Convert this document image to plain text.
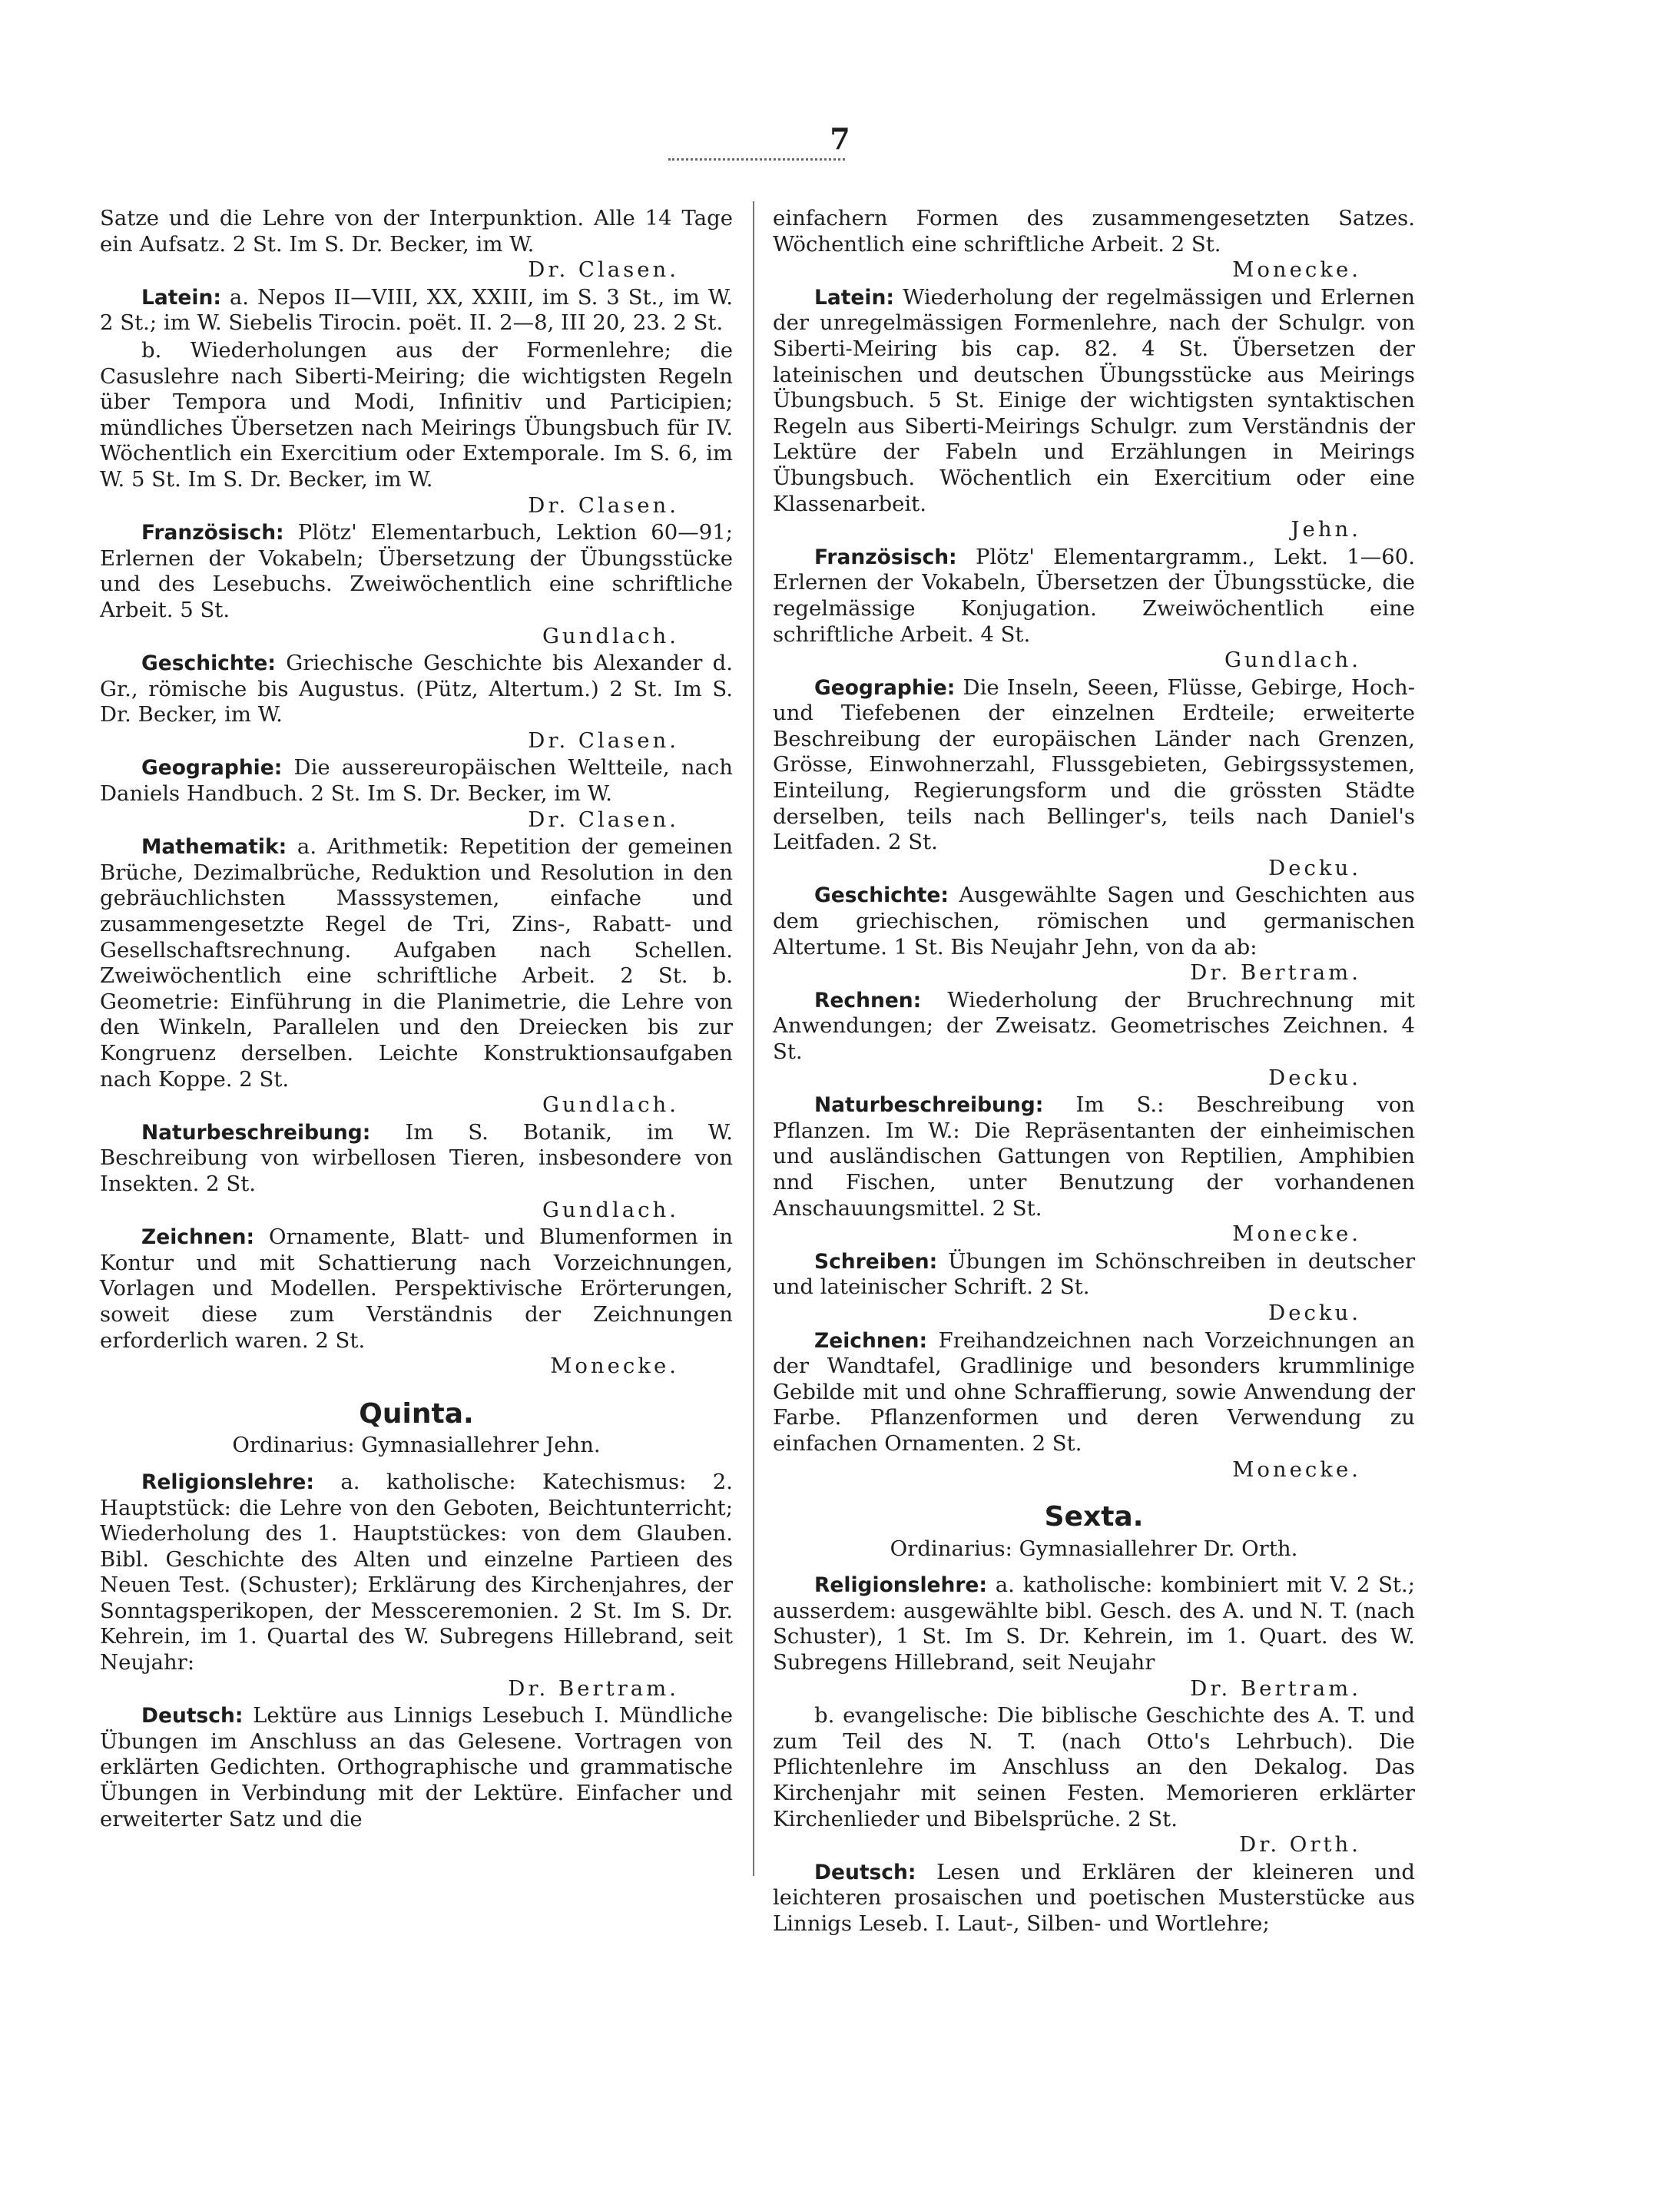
7

Satze und die Lehre von der Interpunktion. Alle 14 Tage ein Aufsatz. 2 St. Im S. Dr. Becker, im W.
Dr. Clasen.

Latein: a. Nepos II—VIII, XX, XXIII, im S. 3 St., im W. 2 St.; im W. Siebelis Tirocin. poët. II. 2—8, III 20, 23. 2 St.

b. Wiederholungen aus der Formenlehre; die Casuslehre nach Siberti-Meiring; die wichtigsten Regeln über Tempora und Modi, Infinitiv und Participien; mündliches Übersetzen nach Meirings Übungsbuch für IV. Wöchentlich ein Exercitium oder Extemporale. Im S. 6, im W. 5 St. Im S. Dr. Becker, im W.
Dr. Clasen.

Französisch: Plötz' Elementarbuch, Lektion 60—91; Erlernen der Vokabeln; Übersetzung der Übungsstücke und des Lesebuchs. Zweiwöchentlich eine schriftliche Arbeit. 5 St.
Gundlach.

Geschichte: Griechische Geschichte bis Alexander d. Gr., römische bis Augustus. (Pütz, Altertum.) 2 St. Im S. Dr. Becker, im W.
Dr. Clasen.

Geographie: Die aussereuropäischen Weltteile, nach Daniels Handbuch. 2 St. Im S. Dr. Becker, im W.
Dr. Clasen.

Mathematik: a. Arithmetik: Repetition der gemeinen Brüche, Dezimalbrüche, Reduktion und Resolution in den gebräuchlichsten Masssystemen, einfache und zusammengesetzte Regel de Tri, Zins-, Rabatt- und Gesellschaftsrechnung. Aufgaben nach Schellen. Zweiwöchentlich eine schriftliche Arbeit. 2 St. b. Geometrie: Einführung in die Planimetrie, die Lehre von den Winkeln, Parallelen und den Dreiecken bis zur Kongruenz derselben. Leichte Konstruktionsaufgaben nach Koppe. 2 St.
Gundlach.

Naturbeschreibung: Im S. Botanik, im W. Beschreibung von wirbellosen Tieren, insbesondere von Insekten. 2 St.
Gundlach.

Zeichnen: Ornamente, Blatt- und Blumenformen in Kontur und mit Schattierung nach Vorzeichnungen, Vorlagen und Modellen. Perspektivische Erörterungen, soweit diese zum Verständnis der Zeichnungen erforderlich waren. 2 St.
Monecke.

Quinta.
Ordinarius: Gymnasiallehrer Jehn.

Religionslehre: a. katholische: Katechismus: 2. Hauptstück: die Lehre von den Geboten, Beichtunterricht; Wiederholung des 1. Hauptstückes: von dem Glauben. Bibl. Geschichte des Alten und einzelne Partieen des Neuen Test. (Schuster); Erklärung des Kirchenjahres, der Sonntagsperikopen, der Messceremonien. 2 St. Im S. Dr. Kehrein, im 1. Quartal des W. Subregens Hillebrand, seit Neujahr:
Dr. Bertram.

Deutsch: Lektüre aus Linnigs Lesebuch I. Mündliche Übungen im Anschluss an das Gelesene. Vortragen von erklärten Gedichten. Orthographische und grammatische Übungen in Verbindung mit der Lektüre. Einfacher und erweiterter Satz und die

einfachern Formen des zusammengesetzten Satzes. Wöchentlich eine schriftliche Arbeit. 2 St.
Monecke.

Latein: Wiederholung der regelmässigen und Erlernen der unregelmässigen Formenlehre, nach der Schulgr. von Siberti-Meiring bis cap. 82. 4 St. Übersetzen der lateinischen und deutschen Übungsstücke aus Meirings Übungsbuch. 5 St. Einige der wichtigsten syntaktischen Regeln aus Siberti-Meirings Schulgr. zum Verständnis der Lektüre der Fabeln und Erzählungen in Meirings Übungsbuch. Wöchentlich ein Exercitium oder eine Klassenarbeit.
Jehn.

Französisch: Plötz' Elementargramm., Lekt. 1—60. Erlernen der Vokabeln, Übersetzen der Übungsstücke, die regelmässige Konjugation. Zweiwöchentlich eine schriftliche Arbeit. 4 St.
Gundlach.

Geographie: Die Inseln, Seeen, Flüsse, Gebirge, Hoch- und Tiefebenen der einzelnen Erdteile; erweiterte Beschreibung der europäischen Länder nach Grenzen, Grösse, Einwohnerzahl, Flussgebieten, Gebirgssystemen, Einteilung, Regierungsform und die grössten Städte derselben, teils nach Bellinger's, teils nach Daniel's Leitfaden. 2 St.
Decku.

Geschichte: Ausgewählte Sagen und Geschichten aus dem griechischen, römischen und germanischen Altertume. 1 St. Bis Neujahr Jehn, von da ab:
Dr. Bertram.

Rechnen: Wiederholung der Bruchrechnung mit Anwendungen; der Zweisatz. Geometrisches Zeichnen. 4 St.
Decku.

Naturbeschreibung: Im S.: Beschreibung von Pflanzen. Im W.: Die Repräsentanten der einheimischen und ausländischen Gattungen von Reptilien, Amphibien nnd Fischen, unter Benutzung der vorhandenen Anschauungsmittel. 2 St.
Monecke.

Schreiben: Übungen im Schönschreiben in deutscher und lateinischer Schrift. 2 St.
Decku.

Zeichnen: Freihandzeichnen nach Vorzeichnungen an der Wandtafel, Gradlinige und besonders krummlinige Gebilde mit und ohne Schraffierung, sowie Anwendung der Farbe. Pflanzenformen und deren Verwendung zu einfachen Ornamenten. 2 St.
Monecke.

Sexta.
Ordinarius: Gymnasiallehrer Dr. Orth.

Religionslehre: a. katholische: kombiniert mit V. 2 St.; ausserdem: ausgewählte bibl. Gesch. des A. und N. T. (nach Schuster), 1 St. Im S. Dr. Kehrein, im 1. Quart. des W. Subregens Hillebrand, seit Neujahr
Dr. Bertram.

b. evangelische: Die biblische Geschichte des A. T. und zum Teil des N. T. (nach Otto's Lehrbuch). Die Pflichtenlehre im Anschluss an den Dekalog. Das Kirchenjahr mit seinen Festen. Memorieren erklärter Kirchenlieder und Bibelsprüche. 2 St.
Dr. Orth.

Deutsch: Lesen und Erklären der kleineren und leichteren prosaischen und poetischen Musterstücke aus Linnigs Leseb. I. Laut-, Silben- und Wortlehre;
